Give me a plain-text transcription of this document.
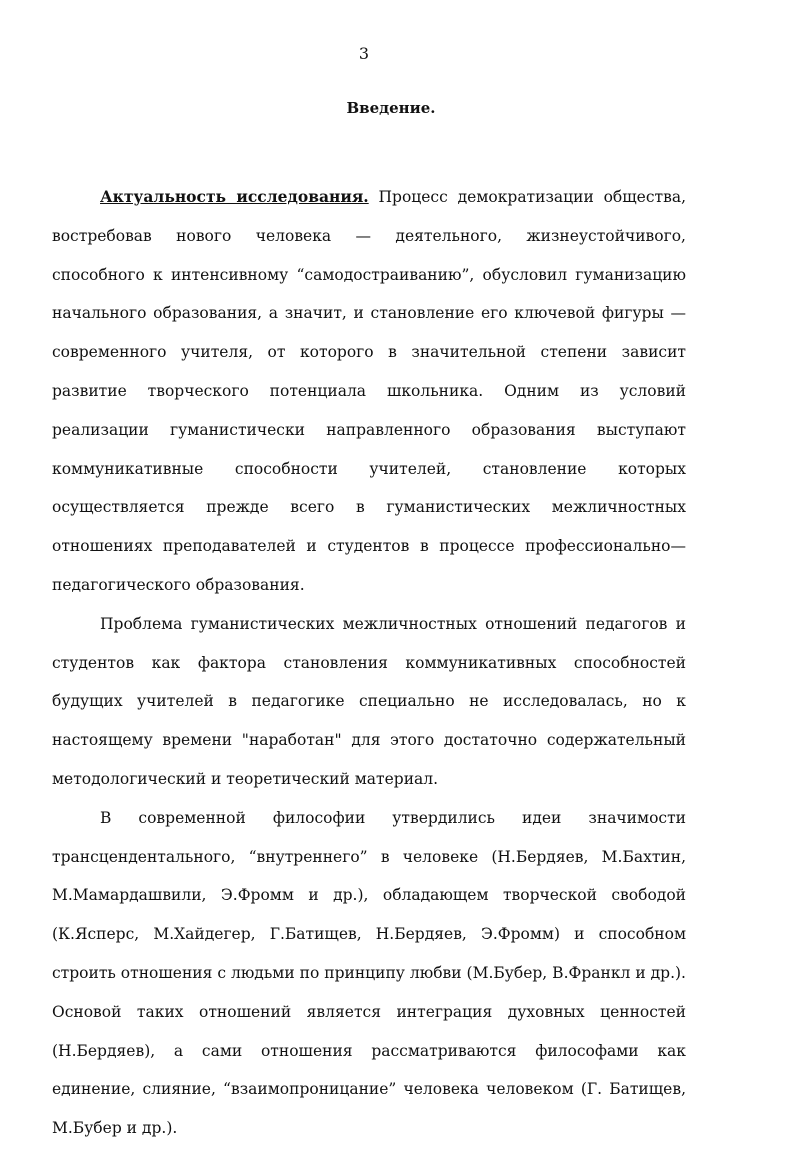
3
Введение.

Актуальность исследования. Процесс демократизации общества, востребовав нового человека — деятельного, жизнеустойчивого, способного к интенсивному “самодостраиванию”, обусловил гуманизацию начального образования, а значит, и становление его ключевой фигуры — современного учителя, от которого в значительной степени зависит развитие творческого потенциала школьника. Одним из условий реализации гуманистически направленного образования выступают коммуникативные способности учителей, становление которых осуществляется прежде всего в гуманистических межличностных отношениях преподавателей и студентов в процессе профессионально—педагогического образования.

Проблема гуманистических межличностных отношений педагогов и студентов как фактора становления коммуникативных способностей будущих учителей в педагогике специально не исследовалась, но к настоящему времени "наработан" для этого достаточно содержательный методологический и теоретический материал.

В современной философии утвердились идеи значимости трансцендентального, “внутреннего” в человеке (Н.Бердяев, М.Бахтин, М.Мамардашвили, Э.Фромм и др.), обладающем творческой свободой (К.Ясперс, М.Хайдегер, Г.Батищев, Н.Бердяев, Э.Фромм) и способном строить отношения с людьми по принципу любви (М.Бубер, В.Франкл и др.). Основой таких отношений является интеграция духовных ценностей (Н.Бердяев), а сами отношения рассматриваются философами как единение, слияние, “взаимопроницание” человека человеком (Г. Батищев, М.Бубер и др.).
